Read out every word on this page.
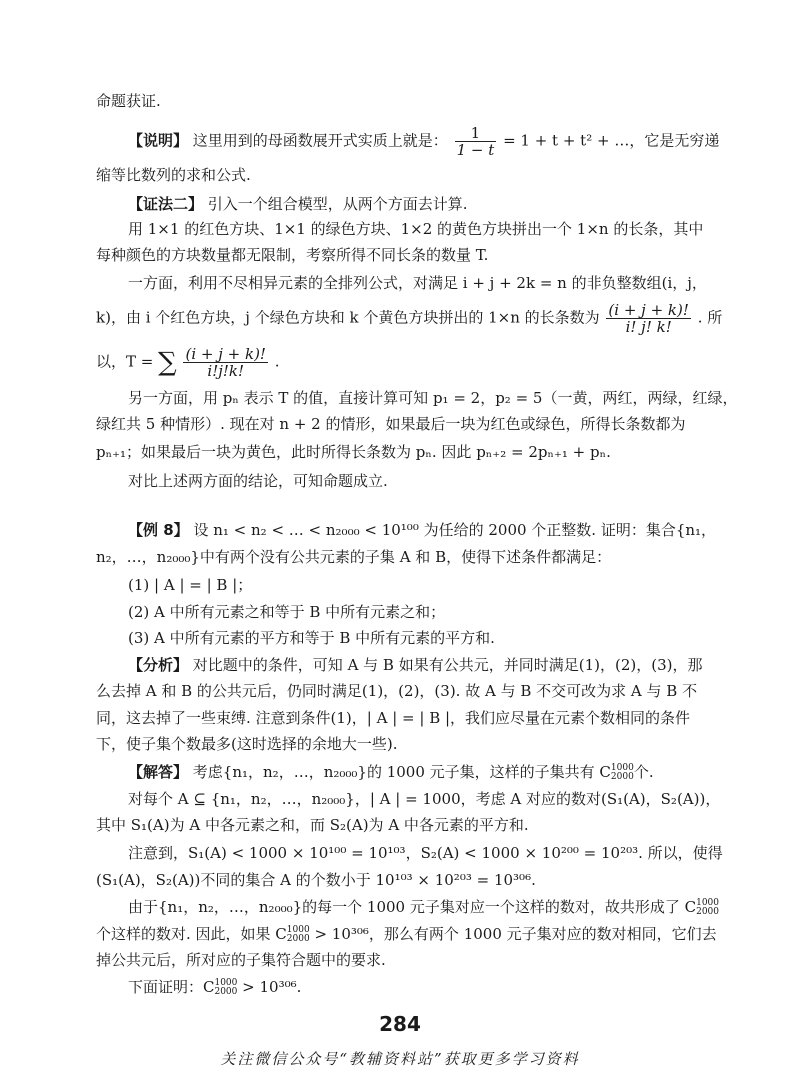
命题获证.
【说明】 这里用到的母函数展开式实质上就是： $\frac{1}{1 - t} = 1 + t + t^2$ + …，它是无穷递
缩等比数列的求和公式.
【证法二】 引入一个组合模型，从两个方面去计算.
用 1×1 的红色方块、1×1 的绿色方块、1×2 的黄色方块拼出一个 1×n 的长条，其中
每种颜色的方块数量都无限制，考察所得不同长条的数量 T.
一方面，利用不尽相异元素的全排列公式，对满足 i + j + 2k = n 的非负整数组(i，j，
k)，由 i 个红色方块，j 个绿色方块和 k 个黄色方块拼出的 1×n 的长条数为 $\frac{(i + j + k)!}{i! j! k!}$ . 所
以，T = ∑ $\frac{(i + j + k)!}{i!j!k!}$ .
另一方面，用 pₙ 表示 T 的值，直接计算可知 p₁ = 2，p₂ = 5（一黄，两红，两绿，红绿，
绿红共 5 种情形）. 现在对 n + 2 的情形，如果最后一块为红色或绿色，所得长条数都为
pₙ₊₁；如果最后一块为黄色，此时所得长条数为 pₙ. 因此 pₙ₊₂ = 2pₙ₊₁ + pₙ.
对比上述两方面的结论，可知命题成立.
【例 8】 设 n₁ < n₂ < … < n₂₀₀₀ < 10¹⁰⁰ 为任给的 2000 个正整数. 证明：集合{n₁，
n₂，…，n₂₀₀₀}中有两个没有公共元素的子集 A 和 B，使得下述条件都满足：
(1) | A | = | B |；
(2) A 中所有元素之和等于 B 中所有元素之和；
(3) A 中所有元素的平方和等于 B 中所有元素的平方和.
【分析】 对比题中的条件，可知 A 与 B 如果有公共元，并同时满足(1)，(2)，(3)，那
么去掉 A 和 B 的公共元后，仍同时满足(1)，(2)，(3). 故 A 与 B 不交可改为求 A 与 B 不
同，这去掉了一些束缚. 注意到条件(1)，| A | = | B |，我们应尽量在元素个数相同的条件
下，使子集个数最多(这时选择的余地大一些).
【解答】 考虑{n₁，n₂，…，n₂₀₀₀}的 1000 元子集，这样的子集共有 C 1000
2000 个.
对每个 A ⊆ {n₁，n₂，…，n₂₀₀₀}，| A | = 1000，考虑 A 对应的数对(S₁(A)，S₂(A))，
其中 S₁(A)为 A 中各元素之和，而 S₂(A)为 A 中各元素的平方和.
注意到，S₁(A) < 1000 × 10¹⁰⁰ = 10¹⁰³，S₂(A) < 1000 × 10²⁰⁰ = 10²⁰³. 所以，使得
(S₁(A)，S₂(A))不同的集合 A 的个数小于 10¹⁰³ × 10²⁰³ = 10³⁰⁶.
由于{n₁，n₂，…，n₂₀₀₀}的每一个 1000 元子集对应一个这样的数对，故共形成了 C 1000
2000
个这样的数对. 因此，如果 C 1000
2000 > 10³⁰⁶，那么有两个 1000 元子集对应的数对相同，它们去
掉公共元后，所对应的子集符合题中的要求.
下面证明：C 1000
2000 > 10³⁰⁶.
284
关注微信公众号“教辅资料站”获取更多学习资料
